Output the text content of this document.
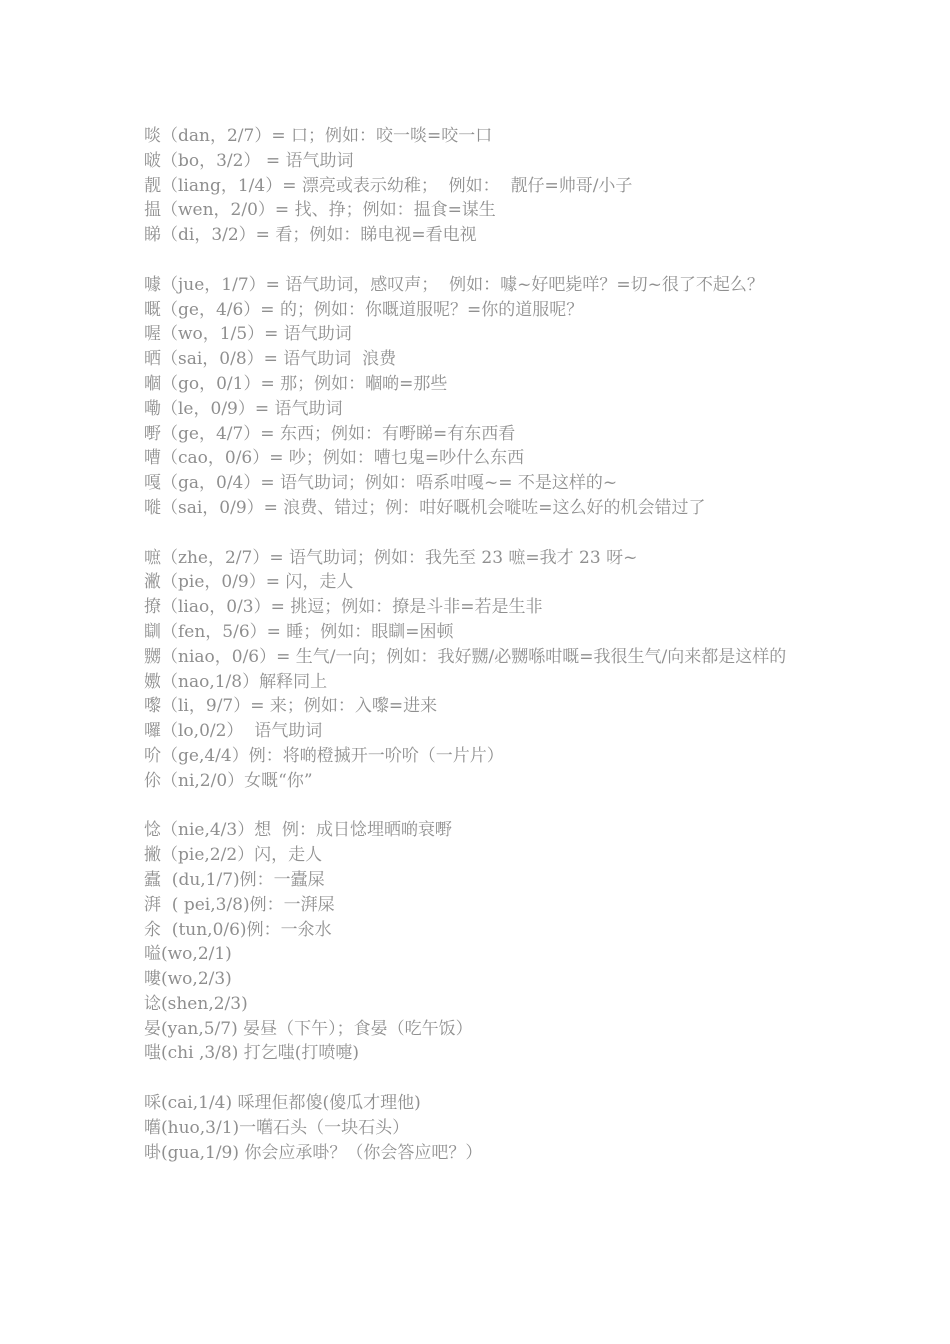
啖（dan，2/7）= 口；例如：咬一啖=咬一口
啵（bo，3/2） = 语气助词
靓（liang，1/4）= 漂亮或表示幼稚；  例如：  靓仔=帅哥/小子
揾（wen，2/0）= 找、挣；例如：揾食=谋生
睇（di，3/2）= 看；例如：睇电视=看电视
噱（jue，1/7）= 语气助词，感叹声；  例如：噱~好吧毙咩？=切~很了不起么？
嘅（ge，4/6）= 的；例如：你嘅道服呢？=你的道服呢？
喔（wo，1/5）= 语气助词
晒（sai，0/8）= 语气助词  浪费
嗰（go，0/1）= 那；例如：嗰啲=那些
嘞（le，0/9）= 语气助词
嘢（ge，4/7）= 东西；例如：有嘢睇=有东西看
嘈（cao，0/6）= 吵；例如：嘈乜鬼=吵什么东西
嘎（ga，0/4）= 语气助词；例如：唔系咁嘎~= 不是这样的~
嘥（sai，0/9）= 浪费、错过；例：咁好嘅机会嘥咗=这么好的机会错过了
嗻（zhe，2/7）= 语气助词；例如：我先至 23 嗻=我才 23 呀~
潎（pie，0/9）= 闪，走人
撩（liao，0/3）= 挑逗；例如：撩是斗非=若是生非
瞓（fen，5/6）= 睡；例如：眼瞓=困顿
嬲（niao，0/6）= 生气/一向；例如：我好嬲/必嬲喺咁嘅=我很生气/向来都是这样的
嫐（nao,1/8）解释同上
嚟（li，9/7）= 来；例如：入嚟=进来
囉（lo,0/2）  语气助词
吤（ge,4/4）例：将啲橙搣开一吤吤（一片片）
伱（ni,2/0）女嘅“你”
惗（nie,4/3）想  例：成日惗埋晒啲衰嘢
撇（pie,2/2）闪，走人
蠹  (du,1/7)例：一蠹屎
湃  ( pei,3/8)例：一湃屎
氽  (tun,0/6)例：一氽水
嗌(wo,2/1)
嘍(wo,2/3)
谂(shen,2/3)
晏(yan,5/7) 晏昼（下午）；食晏（吃午饭）
嗤(chi ,3/8) 打乞嗤(打喷嚏)
啋(cai,1/4) 啋理佢都傻(傻瓜才理他)
嚿(huo,3/1)一嚿石头（一块石头）
啩(gua,1/9) 你会应承啩？（你会答应吧？）
